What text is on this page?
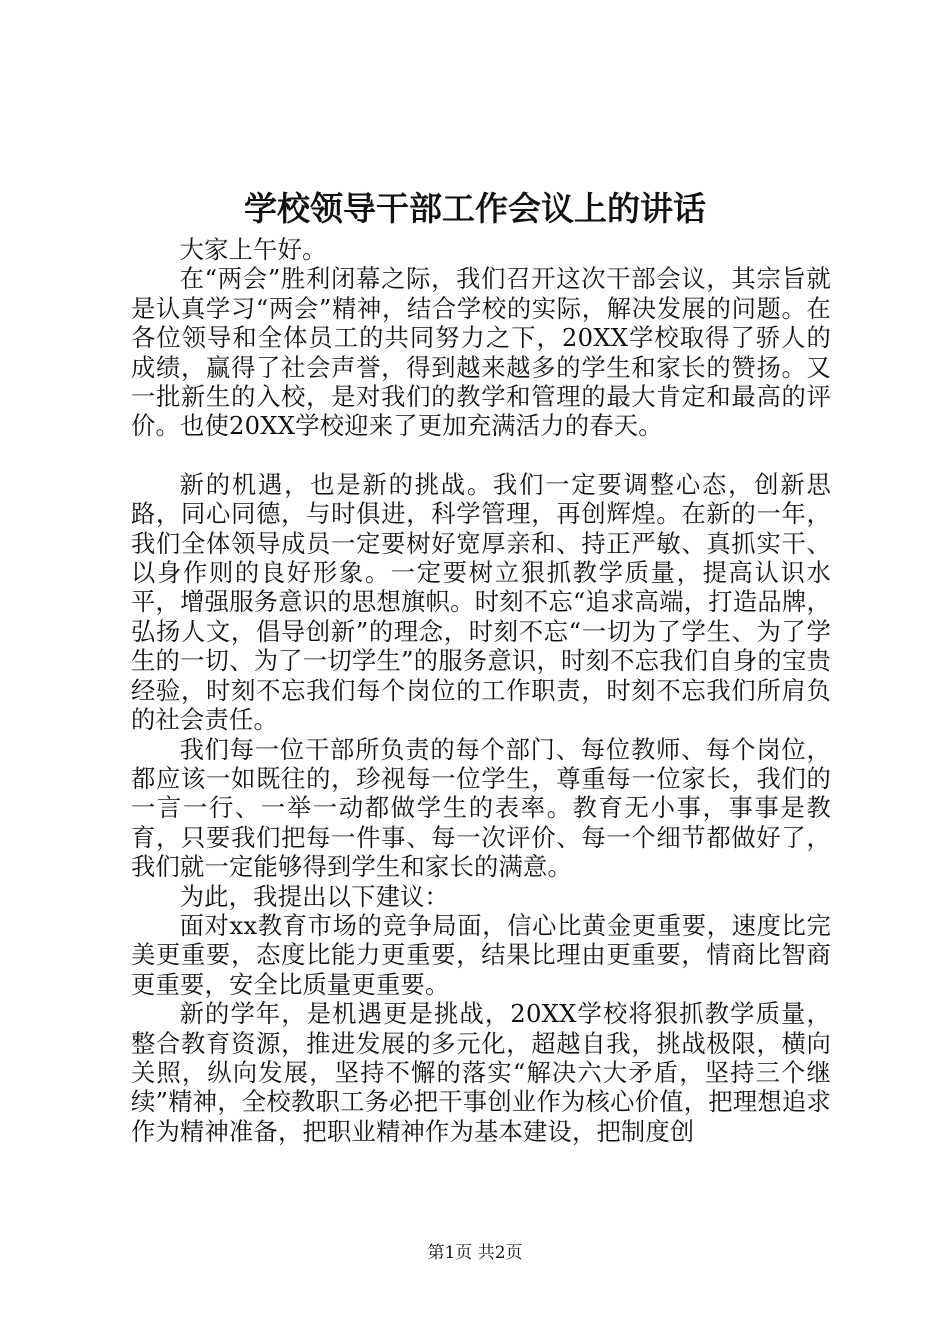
学校领导干部工作会议上的讲话

大家上午好。

在“两会”胜利闭幕之际，我们召开这次干部会议，其宗旨就是认真学习“两会”精神，结合学校的实际，解决发展的问题。在各位领导和全体员工的共同努力之下，20XX学校取得了骄人的成绩，赢得了社会声誉，得到越来越多的学生和家长的赞扬。又一批新生的入校，是对我们的教学和管理的最大肯定和最高的评价。也使20XX学校迎来了更加充满活力的春天。

新的机遇，也是新的挑战。我们一定要调整心态，创新思路，同心同德，与时俱进，科学管理，再创辉煌。在新的一年，我们全体领导成员一定要树好宽厚亲和、持正严敏、真抓实干、以身作则的良好形象。一定要树立狠抓教学质量，提高认识水平，增强服务意识的思想旗帜。时刻不忘“追求高端，打造品牌，弘扬人文，倡导创新”的理念，时刻不忘“一切为了学生、为了学生的一切、为了一切学生”的服务意识，时刻不忘我们自身的宝贵经验，时刻不忘我们每个岗位的工作职责，时刻不忘我们所肩负的社会责任。

我们每一位干部所负责的每个部门、每位教师、每个岗位，都应该一如既往的，珍视每一位学生，尊重每一位家长，我们的一言一行、一举一动都做学生的表率。教育无小事，事事是教育，只要我们把每一件事、每一次评价、每一个细节都做好了，我们就一定能够得到学生和家长的满意。

为此，我提出以下建议：

面对xx教育市场的竞争局面，信心比黄金更重要，速度比完美更重要，态度比能力更重要，结果比理由更重要，情商比智商更重要，安全比质量更重要。

新的学年，是机遇更是挑战，20XX学校将狠抓教学质量，整合教育资源，推进发展的多元化，超越自我，挑战极限，横向关照，纵向发展，坚持不懈的落实“解决六大矛盾，坚持三个继续”精神，全校教职工务必把干事创业作为核心价值，把理想追求作为精神准备，把职业精神作为基本建设，把制度创

第1页 共2页
